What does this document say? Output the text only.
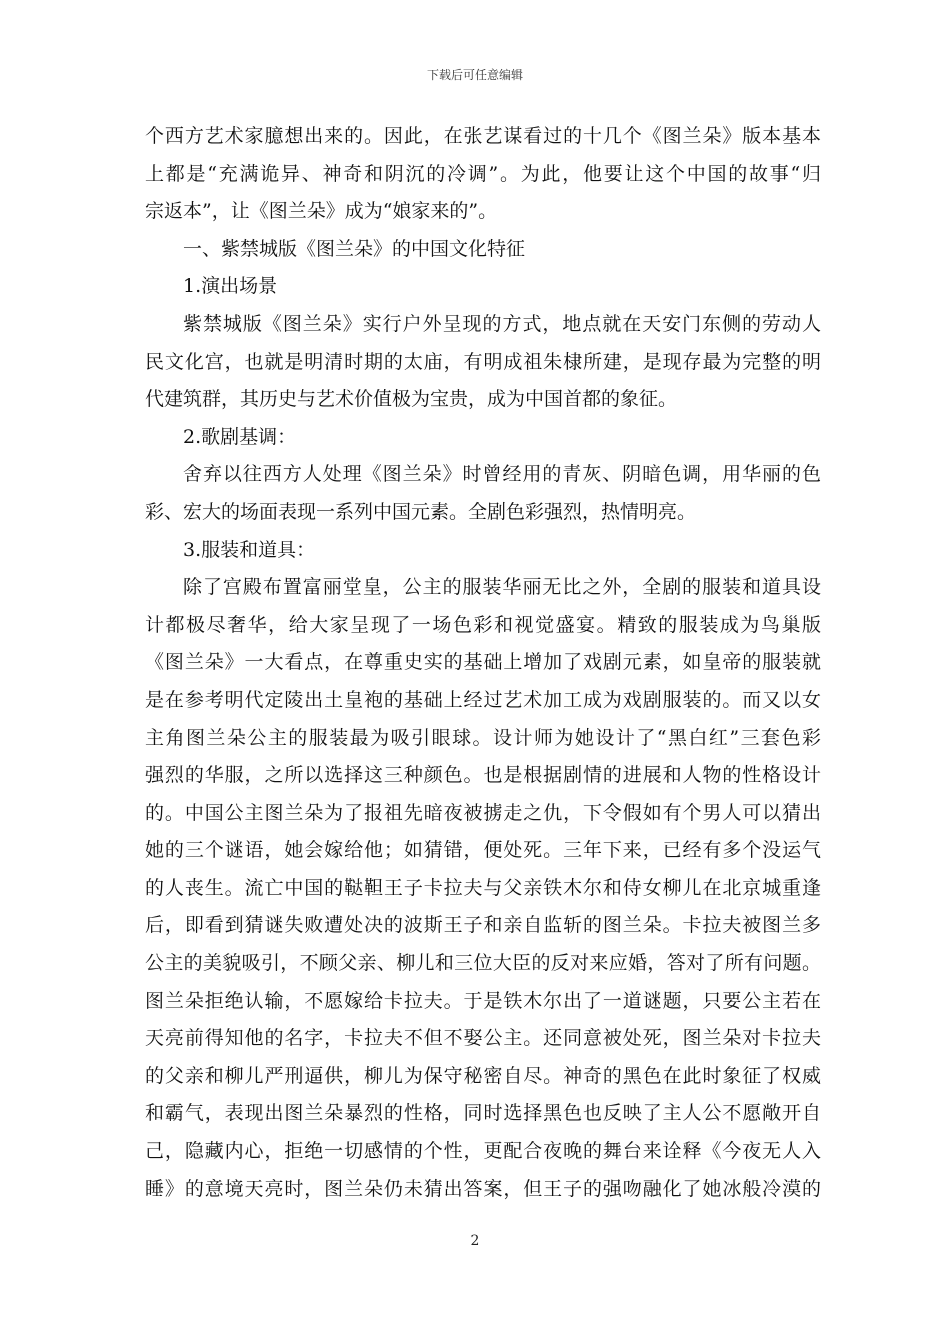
下载后可任意编辑
个西方艺术家臆想出来的。因此，在张艺谋看过的十几个《图兰朵》版本基本
上都是“充满诡异、神奇和阴沉的冷调”。为此，他要让这个中国的故事“归
宗返本”，让《图兰朵》成为“娘家来的”。
一、紫禁城版《图兰朵》的中国文化特征
1.演出场景
紫禁城版《图兰朵》实行户外呈现的方式，地点就在天安门东侧的劳动人
民文化宫，也就是明清时期的太庙，有明成祖朱棣所建，是现存最为完整的明
代建筑群，其历史与艺术价值极为宝贵，成为中国首都的象征。
2.歌剧基调：
舍弃以往西方人处理《图兰朵》时曾经用的青灰、阴暗色调，用华丽的色
彩、宏大的场面表现一系列中国元素。全剧色彩强烈，热情明亮。
3.服装和道具：
除了宫殿布置富丽堂皇，公主的服装华丽无比之外，全剧的服装和道具设
计都极尽奢华，给大家呈现了一场色彩和视觉盛宴。精致的服装成为鸟巢版
《图兰朵》一大看点，在尊重史实的基础上增加了戏剧元素，如皇帝的服装就
是在参考明代定陵出土皇袍的基础上经过艺术加工成为戏剧服装的。而又以女
主角图兰朵公主的服装最为吸引眼球。设计师为她设计了“黑白红”三套色彩
强烈的华服，之所以选择这三种颜色。也是根据剧情的进展和人物的性格设计
的。中国公主图兰朵为了报祖先暗夜被掳走之仇，下令假如有个男人可以猜出
她的三个谜语，她会嫁给他；如猜错，便处死。三年下来，已经有多个没运气
的人丧生。流亡中国的鞑靼王子卡拉夫与父亲铁木尔和侍女柳儿在北京城重逢
后，即看到猜谜失败遭处决的波斯王子和亲自监斩的图兰朵。卡拉夫被图兰多
公主的美貌吸引，不顾父亲、柳儿和三位大臣的反对来应婚，答对了所有问题。
图兰朵拒绝认输，不愿嫁给卡拉夫。于是铁木尔出了一道谜题，只要公主若在
天亮前得知他的名字，卡拉夫不但不娶公主。还同意被处死，图兰朵对卡拉夫
的父亲和柳儿严刑逼供，柳儿为保守秘密自尽。神奇的黑色在此时象征了权威
和霸气，表现出图兰朵暴烈的性格，同时选择黑色也反映了主人公不愿敞开自
己，隐藏内心，拒绝一切感情的个性，更配合夜晚的舞台来诠释《今夜无人入
睡》的意境天亮时，图兰朵仍未猜出答案，但王子的强吻融化了她冰般冷漠的
2
